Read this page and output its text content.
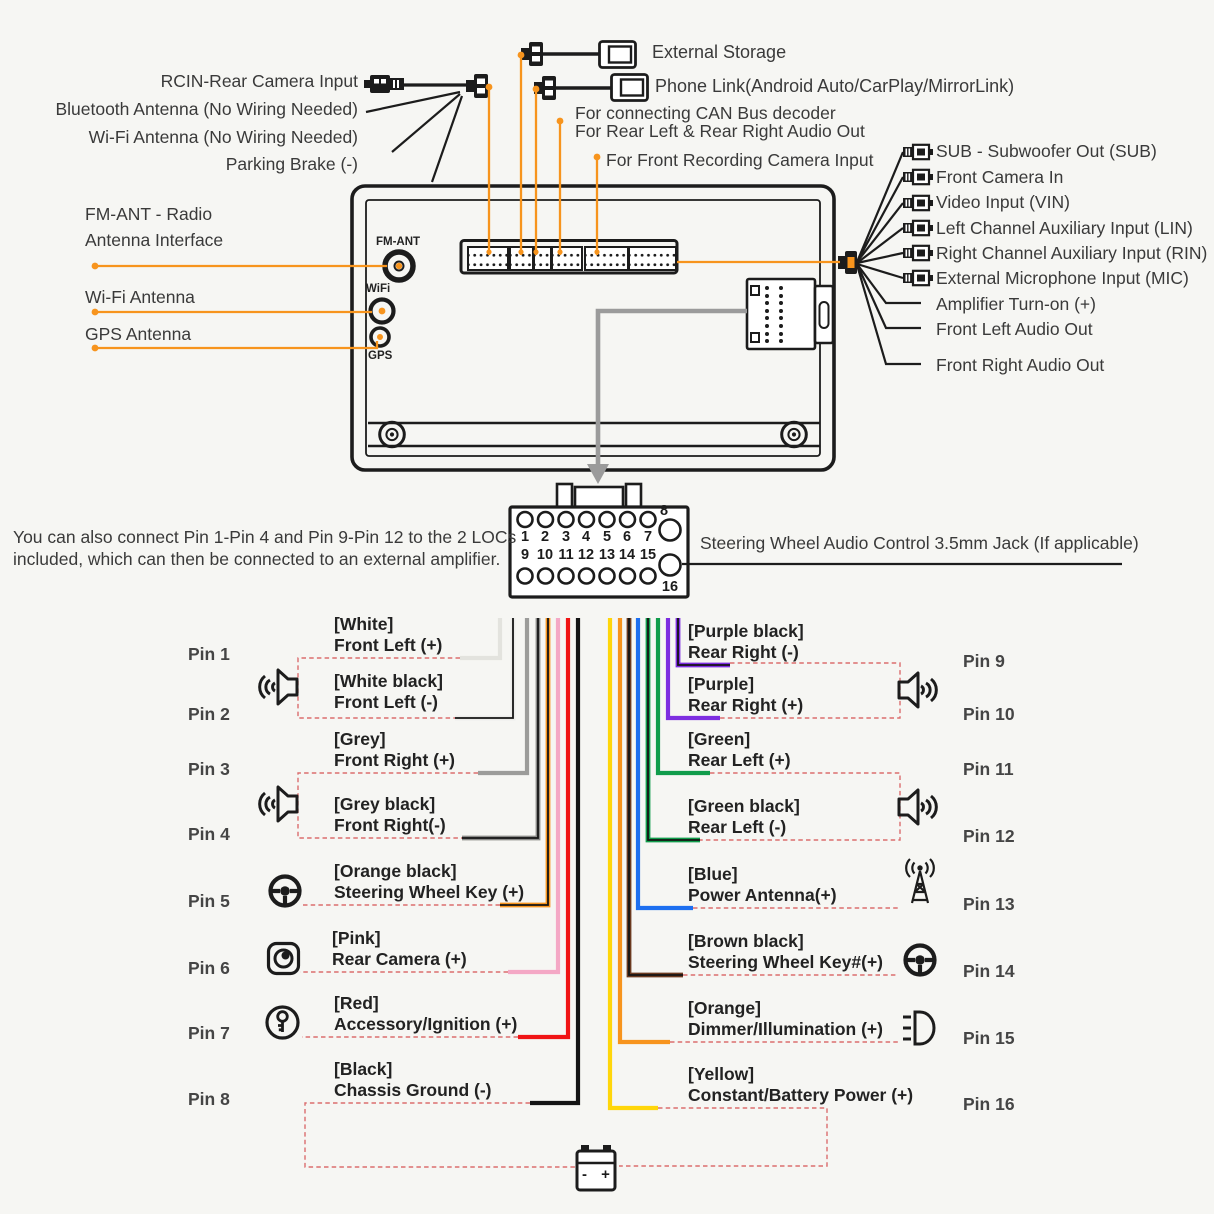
External Storage
Phone Link(Android Auto/CarPlay/MirrorLink)
RCIN-Rear Camera Input
Bluetooth Antenna (No Wiring Needed)
Wi-Fi Antenna (No Wiring Needed)
Parking Brake (-)
For connecting CAN Bus decoder
For Rear Left & Rear Right Audio Out
For Front Recording Camera Input
FM-ANT - Radio
Antenna Interface
Wi-Fi Antenna
GPS Antenna
FM-ANT
WiFi
GPS
SUB - Subwoofer Out (SUB)
Front Camera In
Video Input (VIN)
Left Channel Auxiliary Input (LIN)
Right Channel Auxiliary Input (RIN)
External Microphone Input (MIC)
Amplifier Turn-on (+)
Front Left Audio Out
Front Right Audio Out
You can also connect Pin 1-Pin 4 and Pin 9-Pin 12 to the 2 LOCs
included, which can then be connected to an external amplifier.
Steering Wheel Audio Control 3.5mm Jack (If applicable)
1 2 3 4 5 6 7
8
9 10 11 12 13 14 15
16
Pin 1
[White]
Front Left (+)
Pin 2
[White black]
Front Left (-)
Pin 3
[Grey]
Front Right (+)
Pin 4
[Grey black]
Front Right(-)
Pin 5
[Orange black]
Steering Wheel Key (+)
Pin 6
[Pink]
Rear Camera (+)
Pin 7
[Red]
Accessory/Ignition (+)
Pin 8
[Black]
Chassis Ground (-)
Pin 9
[Purple black]
Rear Right (-)
Pin 10
[Purple]
Rear Right (+)
Pin 11
[Green]
Rear Left (+)
Pin 12
[Green black]
Rear Left (-)
Pin 13
[Blue]
Power Antenna(+)
Pin 14
[Brown black]
Steering Wheel Key#(+)
Pin 15
[Orange]
Dimmer/Illumination (+)
Pin 16
[Yellow]
Constant/Battery Power (+)
- +
